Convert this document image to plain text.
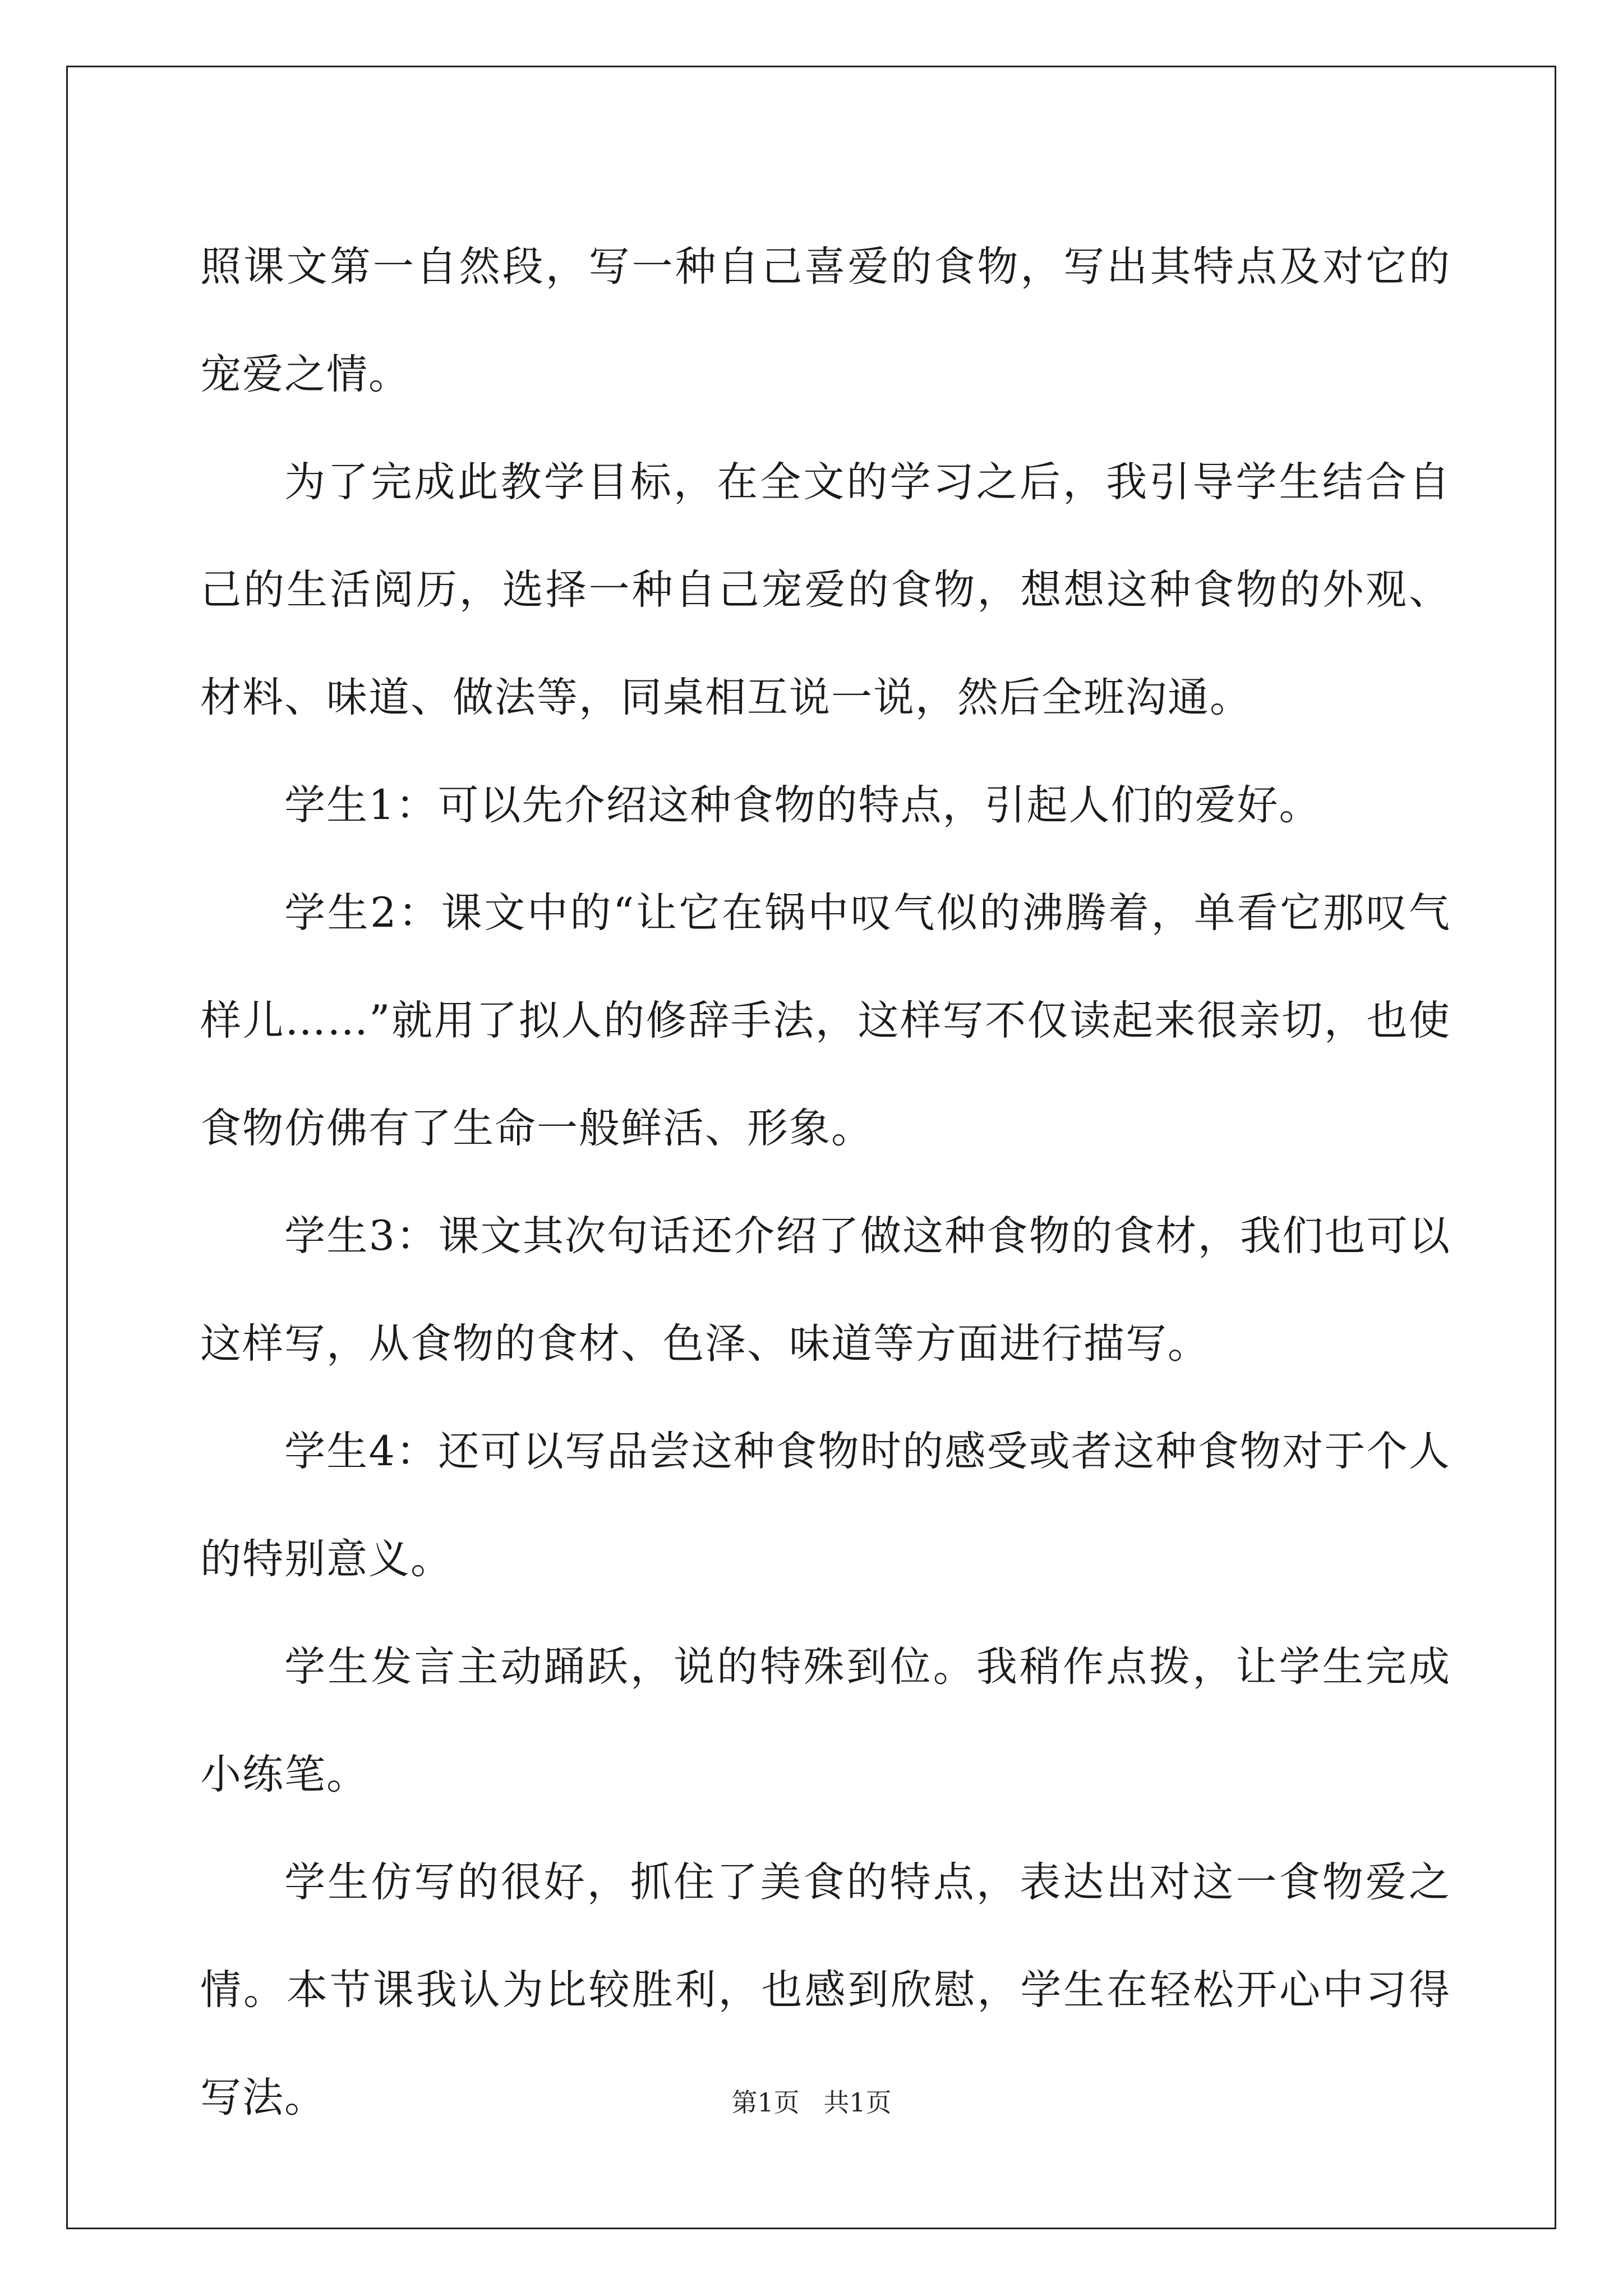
照课文第一自然段，写一种自己喜爱的食物，写出其特点及对它的宠爱之情。

为了完成此教学目标，在全文的学习之后，我引导学生结合自己的生活阅历，选择一种自己宠爱的食物，想想这种食物的外观、材料、味道、做法等，同桌相互说一说，然后全班沟通。

学生1：可以先介绍这种食物的特点，引起人们的爱好。

学生2：课文中的“让它在锅中叹气似的沸腾着，单看它那叹气样儿……”就用了拟人的修辞手法，这样写不仅读起来很亲切，也使食物仿佛有了生命一般鲜活、形象。

学生3：课文其次句话还介绍了做这种食物的食材，我们也可以这样写，从食物的食材、色泽、味道等方面进行描写。

学生4：还可以写品尝这种食物时的感受或者这种食物对于个人的特别意义。

学生发言主动踊跃，说的特殊到位。我稍作点拨，让学生完成小练笔。

学生仿写的很好，抓住了美食的特点，表达出对这一食物爱之情。本节课我认为比较胜利，也感到欣慰，学生在轻松开心中习得写法。	第1页 共1页
